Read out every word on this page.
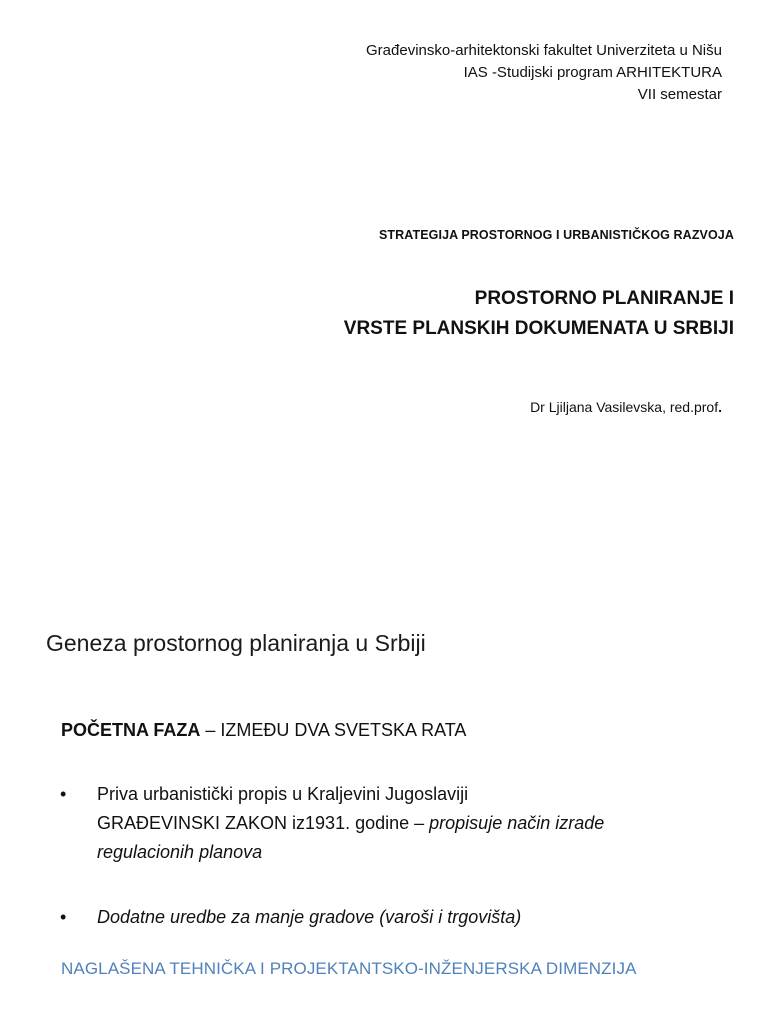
Građevinsko-arhitektonski fakultet Univerziteta u Nišu
IAS -Studijski program ARHITEKTURA
VII semestar
STRATEGIJA PROSTORNOG I URBANISTIČKOG RAZVOJA
PROSTORNO PLANIRANJE I
VRSTE PLANSKIH DOKUMENATA U SRBIJI
Dr Ljiljana Vasilevska, red.prof.
Geneza prostornog planiranja u Srbiji
POČETNA FAZA – IZMEĐU DVA SVETSKA RATA
• Priva urbanistički propis u Kraljevini Jugoslaviji
GRAĐEVINSKI ZAKON iz1931. godine – propisuje način izrade
regulacionih planova
• Dodatne uredbe za manje gradove (varoši i trgovišta)
NAGLAŠENA TEHNIČKA I PROJEKTANTSKO-INŽENJERSKA DIMENZIJA
